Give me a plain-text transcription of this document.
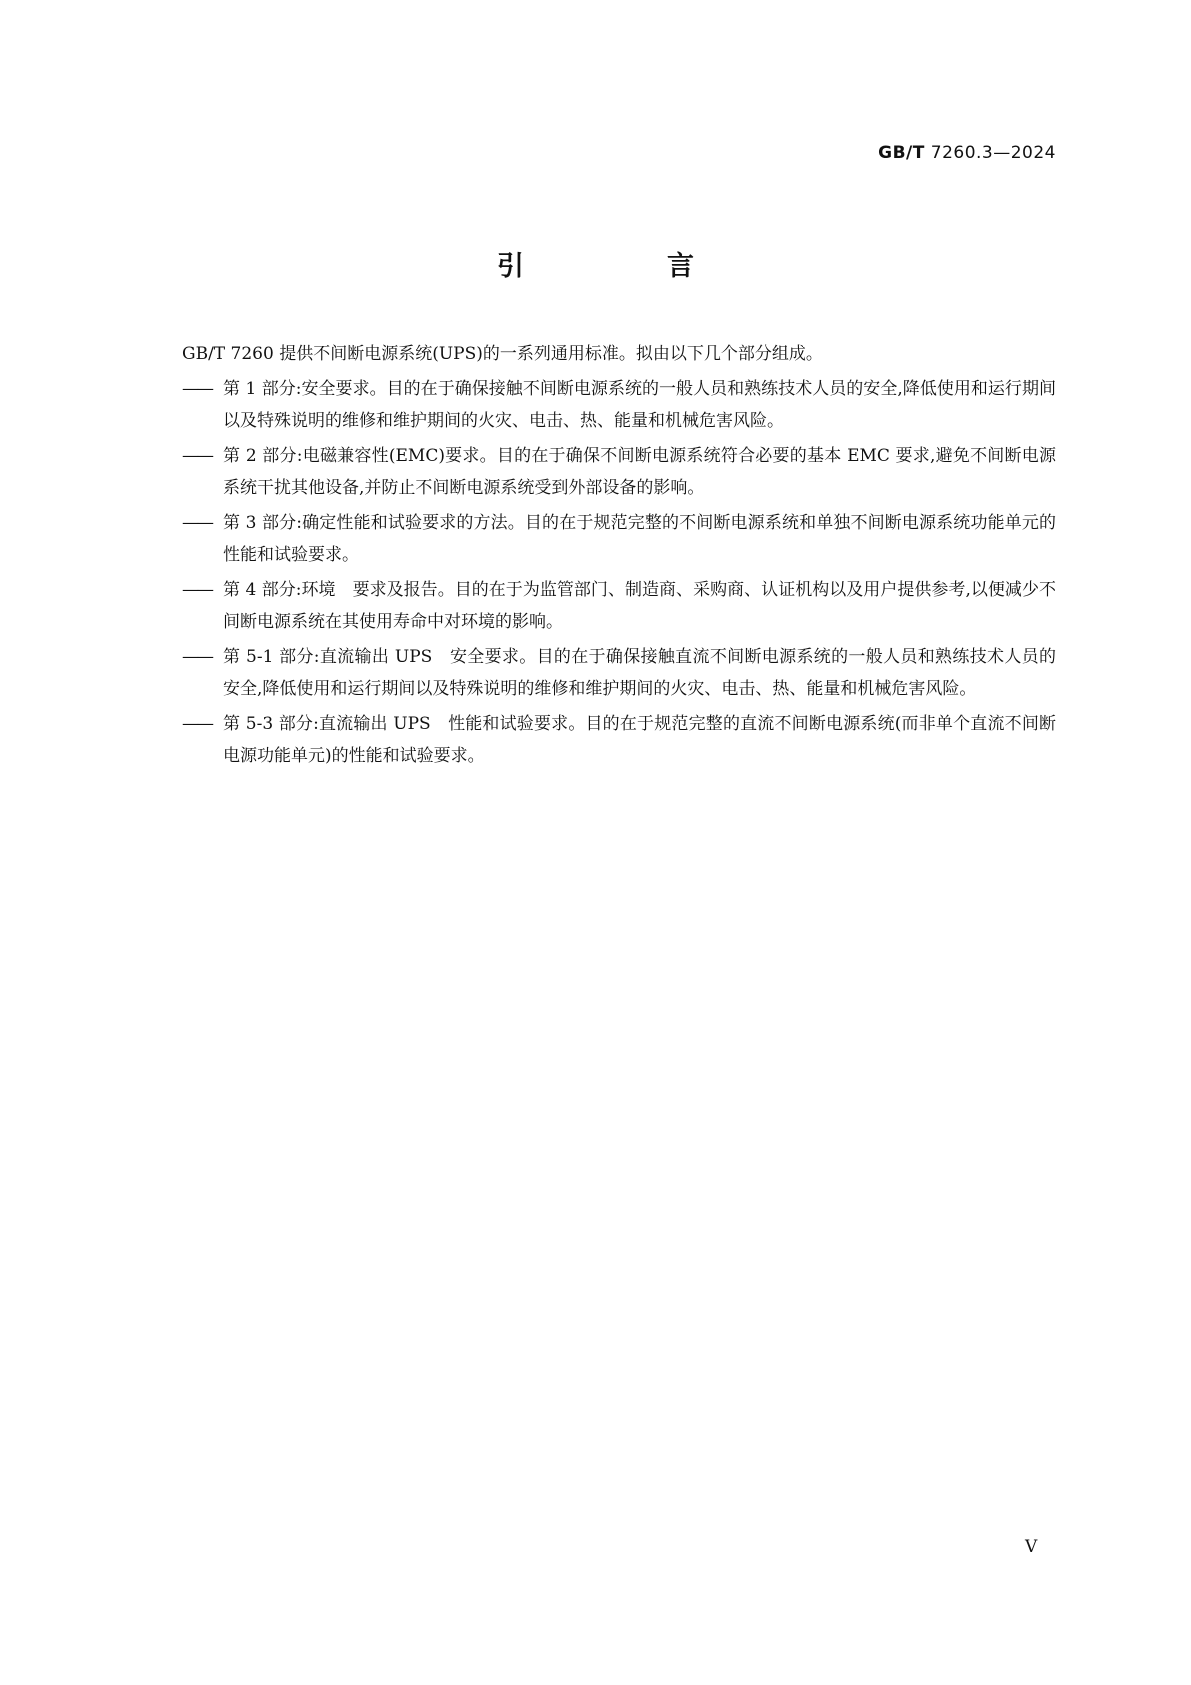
GB/T 7260.3—2024
引　言

GB/T 7260 提供不间断电源系统(UPS)的一系列通用标准。拟由以下几个部分组成。

—— 第 1 部分:安全要求。目的在于确保接触不间断电源系统的一般人员和熟练技术人员的安全,降低使用和运行期间以及特殊说明的维修和维护期间的火灾、电击、热、能量和机械危害风险。
—— 第 2 部分:电磁兼容性(EMC)要求。目的在于确保不间断电源系统符合必要的基本 EMC 要求,避免不间断电源系统干扰其他设备,并防止不间断电源系统受到外部设备的影响。
—— 第 3 部分:确定性能和试验要求的方法。目的在于规范完整的不间断电源系统和单独不间断电源系统功能单元的性能和试验要求。
—— 第 4 部分:环境　要求及报告。目的在于为监管部门、制造商、采购商、认证机构以及用户提供参考,以便减少不间断电源系统在其使用寿命中对环境的影响。
—— 第 5-1 部分:直流输出 UPS　安全要求。目的在于确保接触直流不间断电源系统的一般人员和熟练技术人员的安全,降低使用和运行期间以及特殊说明的维修和维护期间的火灾、电击、热、能量和机械危害风险。
—— 第 5-3 部分:直流输出 UPS　性能和试验要求。目的在于规范完整的直流不间断电源系统(而非单个直流不间断电源功能单元)的性能和试验要求。
V
